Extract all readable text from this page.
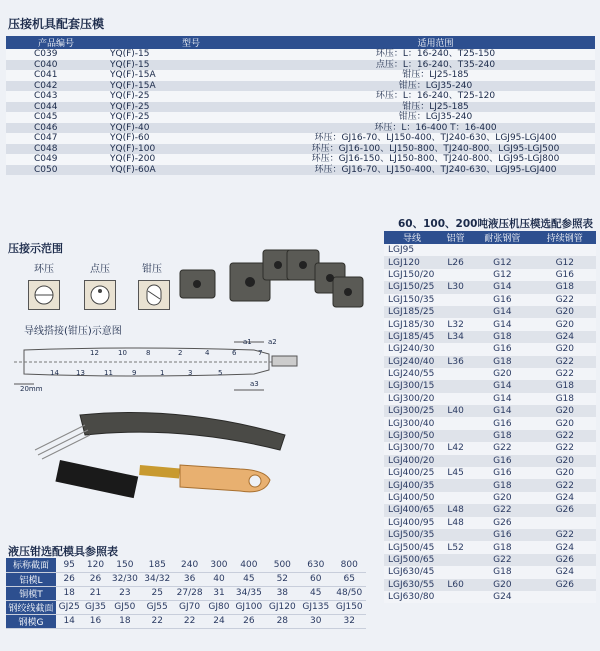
压接机具配套压模
产品编号	型号	适用范围
C039	YQ(F)-15	环压：L：16-240、T25-150
C040	YQ(F)-15	点压：L：16-240、T35-240
C041	YQ(F)-15A	钳压：LJ25-185
C042	YQ(F)-15A	钳压：LGJ35-240
C043	YQ(F)-25	环压：L：16-240、T25-120
C044	YQ(F)-25	钳压：LJ25-185
C045	YQ(F)-25	钳压：LGJ35-240
C046	YQ(F)-40	环压：L：16-400 T：16-400
C047	YQ(F)-60	环压：GJ16-70、LJ150-400、TJ240-630、LGJ95-LGJ400
C048	YQ(F)-100	环压：GJ16-100、LJ150-800、TJ240-800、LGJ95-LGJ500
C049	YQ(F)-200	环压：GJ16-150、LJ150-800、TJ240-800、LGJ95-LGJ800
C050	YQ(F)-60A	环压：GJ16-70、LJ150-400、TJ240-630、LGJ95-LGJ400
压接示范围
环压	点压	钳压
导线搭接(钳压)示意图
12	10	8	2	4	6	7
14 13	11	9	1	3	5
a1 a2
a3
20mm
60、100、200吨液压机压模选配参照表
导线	铝管	耐张钢管	持续钢管
LGJ95			
LGJ120	L26	G12	G12
LGJ150/20		G12	G16
LGJ150/25	L30	G14	G18
LGJ150/35		G16	G22
LGJ185/25		G14	G20
LGJ185/30	L32	G14	G20
LGJ185/45	L34	G18	G24
LGJ240/30		G16	G20
LGJ240/40	L36	G18	G22
LGJ240/55		G20	G22
LGJ300/15		G14	G18
LGJ300/20		G14	G18
LGJ300/25	L40	G14	G20
LGJ300/40		G16	G20
LGJ300/50		G18	G22
LGJ300/70	L42	G22	G22
LGJ400/20		G16	G20
LGJ400/25	L45	G16	G20
LGJ400/35		G18	G22
LGJ400/50		G20	G24
LGJ400/65	L48	G22	G26
LGJ400/95	L48	G26	
LGJ500/35		G16	G22
LGJ500/45	L52	G18	G24
LGJ500/65		G22	G26
LGJ630/45		G18	G24
LGJ630/55	L60	G20	G26
LGJ630/80		G24	
液压钳选配模具参照表
标称截面	95	120	150	185	240	300	400	500	630	800
铝模L	26	26	32/30	34/32	36	40	45	52	60	65
铜模T	18	21	23	25	27/28	31	34/35	38	45	48/50
钢绞线截面	GJ25	GJ35	GJ50	GJ55	GJ70	GJ80	GJ100	GJ120	GJ135	GJ150
钢模G	14	16	18	22	22	24	26	28	30	32
